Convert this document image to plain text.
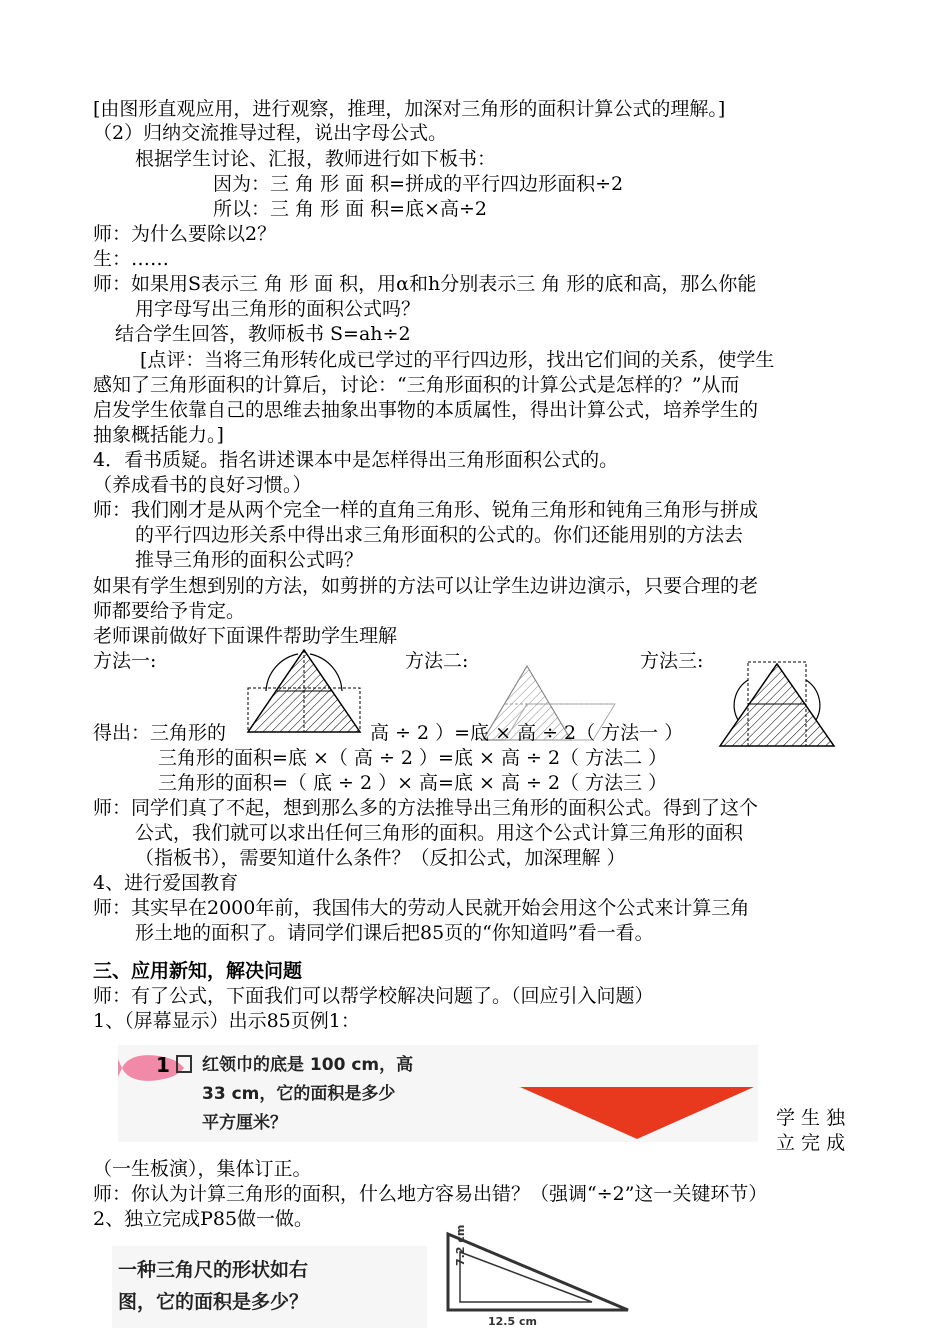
[由图形直观应用，进行观察，推理，加深对三角形的面积计算公式的理解。]
（2）归纳交流推导过程，说出字母公式。
根据学生讨论、汇报，教师进行如下板书：
因为：三 角 形 面 积=拼成的平行四边形面积÷2
所以：三 角 形 面 积=底×高÷2
师：为什么要除以2？
生：……
师：如果用S表示三 角 形 面 积，用α和h分别表示三 角 形的底和高，那么你能
用字母写出三角形的面积公式吗？
结合学生回答，教师板书 S=ah÷2
[点评：当将三角形转化成已学过的平行四边形，找出它们间的关系，使学生
感知了三角形面积的计算后，讨论：“三角形面积的计算公式是怎样的？”从而
启发学生依靠自己的思维去抽象出事物的本质属性，得出计算公式，培养学生的
抽象概括能力。]
4．看书质疑。指名讲述课本中是怎样得出三角形面积公式的。
（养成看书的良好习惯。）
师：我们刚才是从两个完全一样的直角三角形、锐角三角形和钝角三角形与拼成
的平行四边形关系中得出求三角形面积的公式的。你们还能用别的方法去
推导三角形的面积公式吗？
如果有学生想到别的方法，如剪拼的方法可以让学生边讲边演示，只要合理的老
师都要给予肯定。
老师课前做好下面课件帮助学生理解
方法一:	方法二:	方法三:
得出：三角形的	高 ÷ 2 ）=底 × 高 ÷ 2（ 方法一 ）
三角形的面积=底 ×（ 高 ÷ 2 ）=底 × 高 ÷ 2（ 方法二 ）
三角形的面积=（ 底 ÷ 2 ）× 高=底 × 高 ÷ 2（ 方法三 ）
师：同学们真了不起，想到那么多的方法推导出三角形的面积公式。得到了这个
公式，我们就可以求出任何三角形的面积。用这个公式计算三角形的面积
（指板书），需要知道什么条件？（反扣公式，加深理解 ）
4、进行爱国教育
师：其实早在2000年前，我国伟大的劳动人民就开始会用这个公式来计算三角
形土地的面积了。请同学们课后把85页的“你知道吗”看一看。
三、应用新知，解决问题
师：有了公式，下面我们可以帮学校解决问题了。（回应引入问题）
1、（屏幕显示）出示85页例1：
1 红领巾的底是 100 cm，高
33 cm，它的面积是多少
平方厘米？	学 生 独
立 完 成
（一生板演），集体订正。
师：你认为计算三角形的面积，什么地方容易出错？（强调“÷2”这一关键环节）
2、独立完成P85做一做。
一种三角尺的形状如右
图，它的面积是多少？
7.2 cm
12.5 cm
